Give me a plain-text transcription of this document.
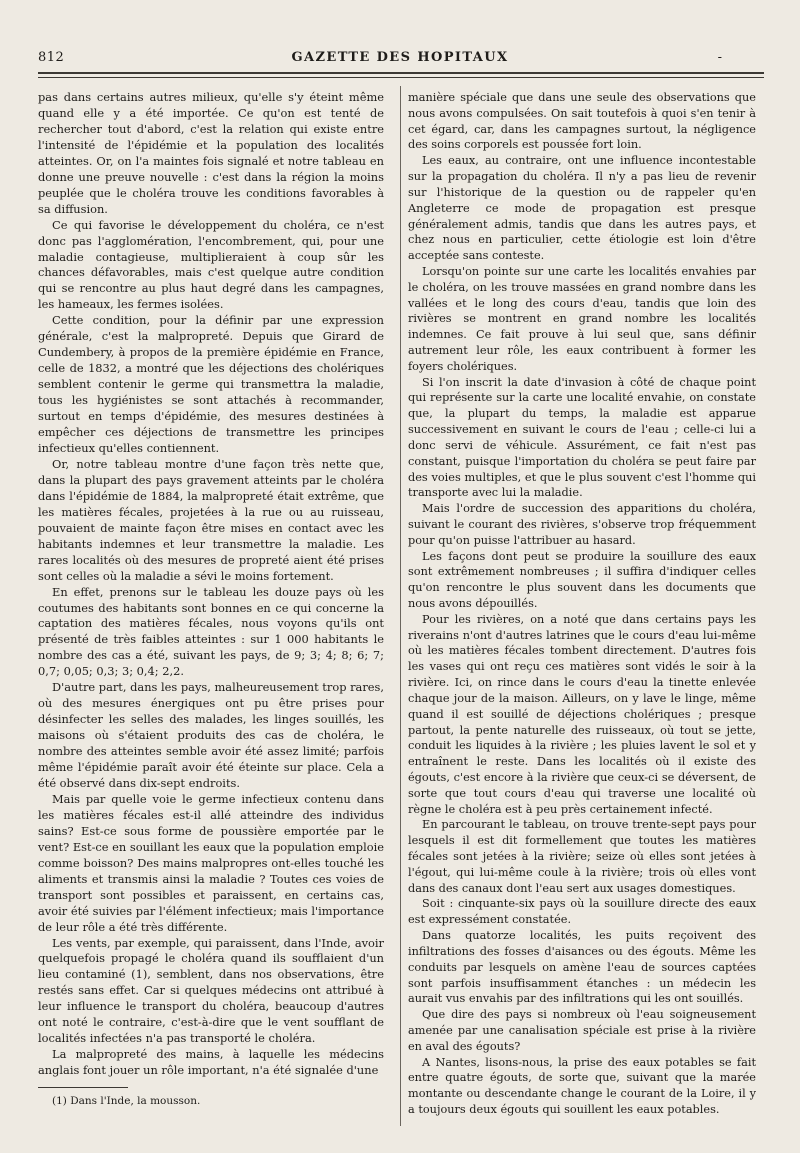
812	GAZETTE DES HOPITAUX	-

pas dans certains autres milieux, qu'elle s'y éteint même quand elle y a été importée. Ce qu'on est tenté de rechercher tout d'abord, c'est la relation qui existe entre l'intensité de l'épidémie et la population des localités atteintes. Or, on l'a maintes fois signalé et notre tableau en donne une preuve nouvelle : c'est dans la région la moins peuplée que le choléra trouve les conditions favorables à sa diffusion.

Ce qui favorise le développement du choléra, ce n'est donc pas l'agglomération, l'encombrement, qui, pour une maladie contagieuse, multiplieraient à coup sûr les chances défavorables, mais c'est quelque autre condition qui se rencontre au plus haut degré dans les campagnes, les hameaux, les fermes isolées.

Cette condition, pour la définir par une expression générale, c'est la malpropreté. Depuis que Girard de Cundembery, à propos de la première épidémie en France, celle de 1832, a montré que les déjections des cholériques semblent contenir le germe qui transmettra la maladie, tous les hygiénistes se sont attachés à recommander, surtout en temps d'épidémie, des mesures destinées à empêcher ces déjections de transmettre les principes infectieux qu'elles contiennent.

Or, notre tableau montre d'une façon très nette que, dans la plupart des pays gravement atteints par le choléra dans l'épidémie de 1884, la malpropreté était extrême, que les matières fécales, projetées à la rue ou au ruisseau, pouvaient de mainte façon être mises en contact avec les habitants indemnes et leur transmettre la maladie. Les rares localités où des mesures de propreté aient été prises sont celles où la maladie a sévi le moins fortement.

En effet, prenons sur le tableau les douze pays où les coutumes des habitants sont bonnes en ce qui concerne la captation des matières fécales, nous voyons qu'ils ont présenté de très faibles atteintes : sur 1 000 habitants le nombre des cas a été, suivant les pays, de 9; 3; 4; 8; 6; 7; 0,7; 0,05; 0,3; 3; 0,4; 2,2.

D'autre part, dans les pays, malheureusement trop rares, où des mesures énergiques ont pu être prises pour désinfecter les selles des malades, les linges souillés, les maisons où s'étaient produits des cas de choléra, le nombre des atteintes semble avoir été assez limité; parfois même l'épidémie paraît avoir été éteinte sur place. Cela a été observé dans dix-sept endroits.

Mais par quelle voie le germe infectieux contenu dans les matières fécales est-il allé atteindre des individus sains? Est-ce sous forme de poussière emportée par le vent? Est-ce en souillant les eaux que la population emploie comme boisson? Des mains malpropres ont-elles touché les aliments et transmis ainsi la maladie ? Toutes ces voies de transport sont possibles et paraissent, en certains cas, avoir été suivies par l'élément infectieux; mais l'importance de leur rôle a été très différente.

Les vents, par exemple, qui paraissent, dans l'Inde, avoir quelquefois propagé le choléra quand ils soufflaient d'un lieu contaminé (1), semblent, dans nos observations, être restés sans effet. Car si quelques médecins ont attribué à leur influence le transport du choléra, beaucoup d'autres ont noté le contraire, c'est-à-dire que le vent soufflant de localités infectées n'a pas transporté le choléra.

La malpropreté des mains, à laquelle les médecins anglais font jouer un rôle important, n'a été signalée d'une

(1) Dans l'Inde, la mousson.

manière spéciale que dans une seule des observations que nous avons compulsées. On sait toutefois à quoi s'en tenir à cet égard, car, dans les campagnes surtout, la négligence des soins corporels est poussée fort loin.

Les eaux, au contraire, ont une influence incontestable sur la propagation du choléra. Il n'y a pas lieu de revenir sur l'historique de la question ou de rappeler qu'en Angleterre ce mode de propagation est presque généralement admis, tandis que dans les autres pays, et chez nous en particulier, cette étiologie est loin d'être acceptée sans conteste.

Lorsqu'on pointe sur une carte les localités envahies par le choléra, on les trouve massées en grand nombre dans les vallées et le long des cours d'eau, tandis que loin des rivières se montrent en grand nombre les localités indemnes. Ce fait prouve à lui seul que, sans définir autrement leur rôle, les eaux contribuent à former les foyers cholériques.

Si l'on inscrit la date d'invasion à côté de chaque point qui représente sur la carte une localité envahie, on constate que, la plupart du temps, la maladie est apparue successivement en suivant le cours de l'eau ; celle-ci lui a donc servi de véhicule. Assurément, ce fait n'est pas constant, puisque l'importation du choléra se peut faire par des voies multiples, et que le plus souvent c'est l'homme qui transporte avec lui la maladie.

Mais l'ordre de succession des apparitions du choléra, suivant le courant des rivières, s'observe trop fréquemment pour qu'on puisse l'attribuer au hasard.

Les façons dont peut se produire la souillure des eaux sont extrêmement nombreuses ; il suffira d'indiquer celles qu'on rencontre le plus souvent dans les documents que nous avons dépouillés.

Pour les rivières, on a noté que dans certains pays les riverains n'ont d'autres latrines que le cours d'eau lui-même où les matières fécales tombent directement. D'autres fois les vases qui ont reçu ces matières sont vidés le soir à la rivière. Ici, on rince dans le cours d'eau la tinette enlevée chaque jour de la maison. Ailleurs, on y lave le linge, même quand il est souillé de déjections cholériques ; presque partout, la pente naturelle des ruisseaux, où tout se jette, conduit les liquides à la rivière ; les pluies lavent le sol et y entraînent le reste. Dans les localités où il existe des égouts, c'est encore à la rivière que ceux-ci se déversent, de sorte que tout cours d'eau qui traverse une localité où règne le choléra est à peu près certainement infecté.

En parcourant le tableau, on trouve trente-sept pays pour lesquels il est dit formellement que toutes les matières fécales sont jetées à la rivière; seize où elles sont jetées à l'égout, qui lui-même coule à la rivière; trois où elles vont dans des canaux dont l'eau sert aux usages domestiques.

Soit : cinquante-six pays où la souillure directe des eaux est expressément constatée.

Dans quatorze localités, les puits reçoivent des infiltrations des fosses d'aisances ou des égouts. Même les conduits par lesquels on amène l'eau de sources captées sont parfois insuffisamment étanches : un médecin les aurait vus envahis par des infiltrations qui les ont souillés.

Que dire des pays si nombreux où l'eau soigneusement amenée par une canalisation spéciale est prise à la rivière en aval des égouts?

A Nantes, lisons-nous, la prise des eaux potables se fait entre quatre égouts, de sorte que, suivant que la marée montante ou descendante change le courant de la Loire, il y a toujours deux égouts qui souillent les eaux potables.
